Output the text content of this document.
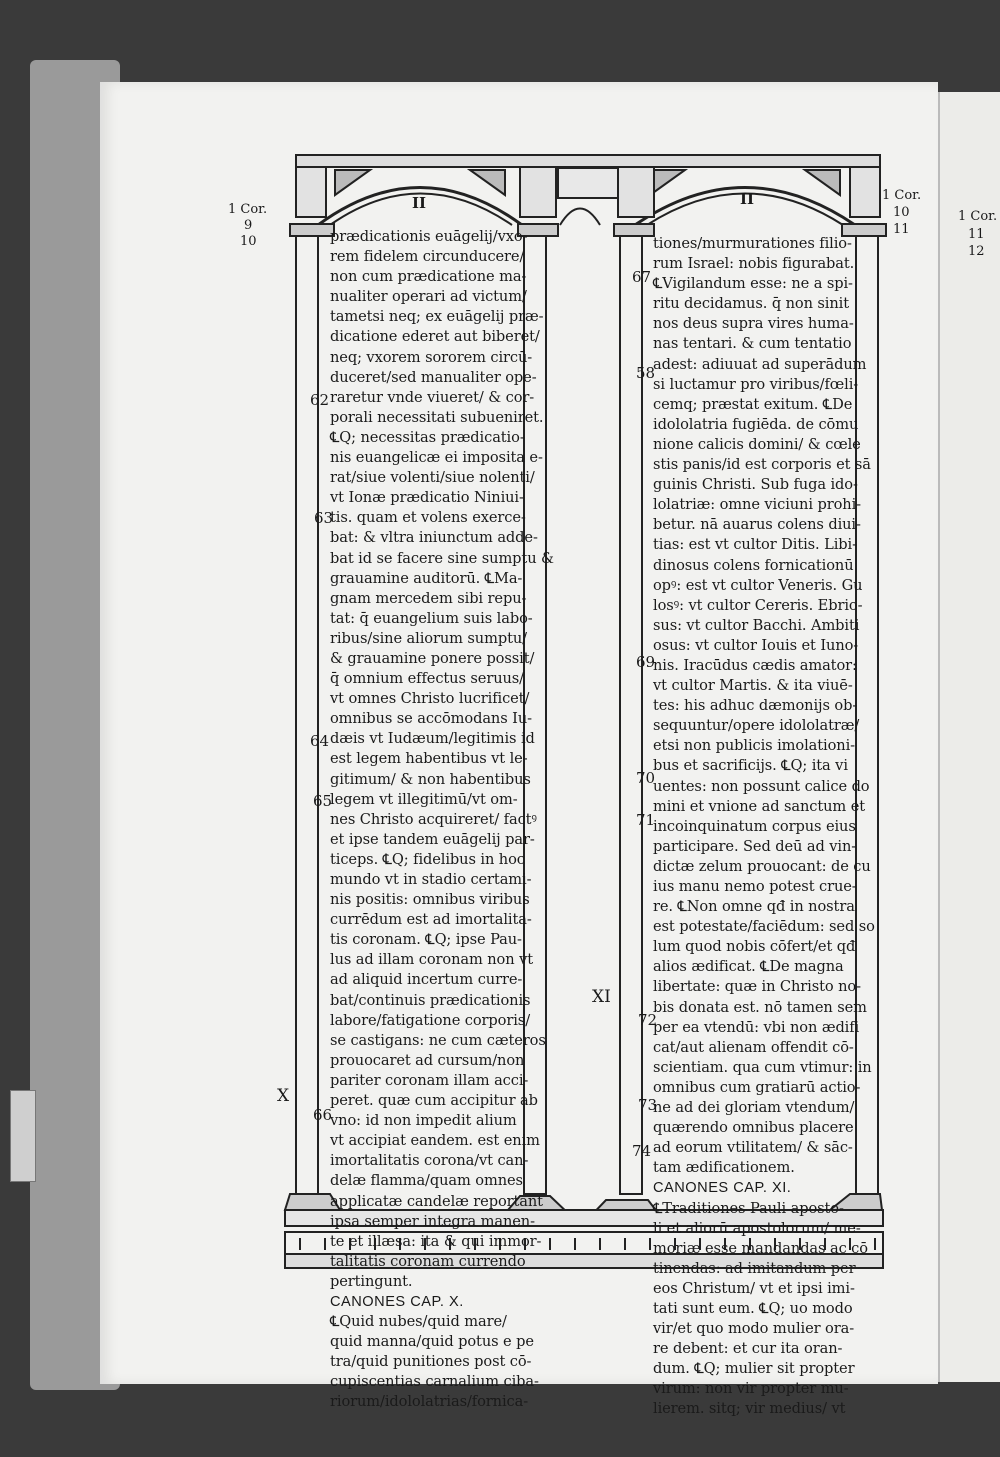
1 Cor.
11
12
1 Cor.
9
10
1 Cor.
10
11
II	II
X
XI
prædicationis euāgelij/vxo-
rem fidelem circunducere/
non cum prædicatione ma-
nualiter operari ad victum/
tametsi neq; ex euāgelij præ-
dicatione ederet aut biberet/
neq; vxorem sororem circū-
duceret/sed manualiter ope-
raretur vnde viueret/ & cor-
porali necessitati subueniret.
℄Q; necessitas prædicatio-
nis euangelicæ ei imposita e-
rat/siue volenti/siue nolenti/
vt Ionæ prædicatio Niniui-
tis. quam et volens exerce-
bat: & vltra iniunctum adde-
bat id se facere sine sumptu &
grauamine auditorū. ℄Ma-
gnam mercedem sibi repu-
tat: q̄ euangelium suis labo-
ribus/sine aliorum sumptu/
& grauamine ponere possit/
q̄ omnium effectus seruus/
vt omnes Christo lucrificet/
omnibus se accōmodans Iu-
dæis vt Iudæum/legitimis id
est legem habentibus vt le-
gitimum/ & non habentibus
legem vt illegitimū/vt om-
nes Christo acquireret/ factꝰ
et ipse tandem euāgelij par-
ticeps. ℄Q; fidelibus in hoc
mundo vt in stadio certami-
nis positis: omnibus viribus
currēdum est ad imortalita-
tis coronam. ℄Q; ipse Pau-
lus ad illam coronam non vt
ad aliquid incertum curre-
bat/continuis prædicationis
labore/fatigatione corporis/
se castigans: ne cum cæteros
prouocaret ad cursum/non
pariter coronam illam acci-
peret. quæ cum accipitur ab
vno: id non impedit alium
vt accipiat eandem. est enim
imortalitatis corona/vt can-
delæ flamma/quam omnes
applicatæ candelæ reportant
ipsa semper integra manen-
te et illæsa: ita & qui immor-
talitatis coronam currendo
pertingunt.
CANONES CAP. X.
℄Quid nubes/quid mare/
quid manna/quid potus e pe
tra/quid punitiones post cō-
cupiscentias carnalium ciba-
riorum/idololatrias/fornica-
tiones/murmurationes filio-
rum Israel: nobis figurabat.
℄Vigilandum esse: ne a spi-
ritu decidamus. q̄ non sinit
nos deus supra vires huma-
nas tentari. & cum tentatio
adest: adiuuat ad superādum
si luctamur pro viribus/fœli-
cemq; præstat exitum. ℄De
idololatria fugiēda. de cōmu
nione calicis domini/ & cœle
stis panis/id est corporis et sā
guinis Christi. Sub fuga ido-
lolatriæ: omne viciuni prohi-
betur. nā auarus colens diui-
tias: est vt cultor Ditis. Libi-
dinosus colens fornicationū
opꝰ: est vt cultor Veneris. Gu
losꝰ: vt cultor Cereris. Ebrio-
sus: vt cultor Bacchi. Ambiti
osus: vt cultor Iouis et Iuno-
nis. Iracūdus cædis amator:
vt cultor Martis. & ita viuē-
tes: his adhuc dæmonijs ob-
sequuntur/opere idololatræ/
etsi non publicis imolationi-
bus et sacrificijs. ℄Q; ita vi
uentes: non possunt calice do
mini et vnione ad sanctum et
incoinquinatum corpus eius
participare. Sed deū ad vin-
dictæ zelum prouocant: de cu
ius manu nemo potest crue-
re. ℄Non omne qđ in nostra
est potestate/faciēdum: sed so
lum quod nobis cōfert/et qđ
alios ædificat. ℄De magna
libertate: quæ in Christo no-
bis donata est. nō tamen sem
per ea vtendū: vbi non ædifi
cat/aut alienam offendit cō-
scientiam. qua cum vtimur: in
omnibus cum gratiarū actio-
ne ad dei gloriam vtendum/
quærendo omnibus placere
ad eorum vtilitatem/ & sāc-
tam ædificationem.
CANONES CAP. XI.
℄Traditiones Pauli aposto-
li et aliorū apostolorum/ me-
moriæ esse mandandas ac cō
tinendas: ad imitandum per
eos Christum/ vt et ipsi imi-
tati sunt eum. ℄Q; uo modo
vir/et quo modo mulier ora-
re debent: et cur ita oran-
dum. ℄Q; mulier sit propter
virum: non vir propter mu-
lierem. sitq; vir medius/ vt
62
63
64
65
66
67
58
69
70
71
72
73
74
